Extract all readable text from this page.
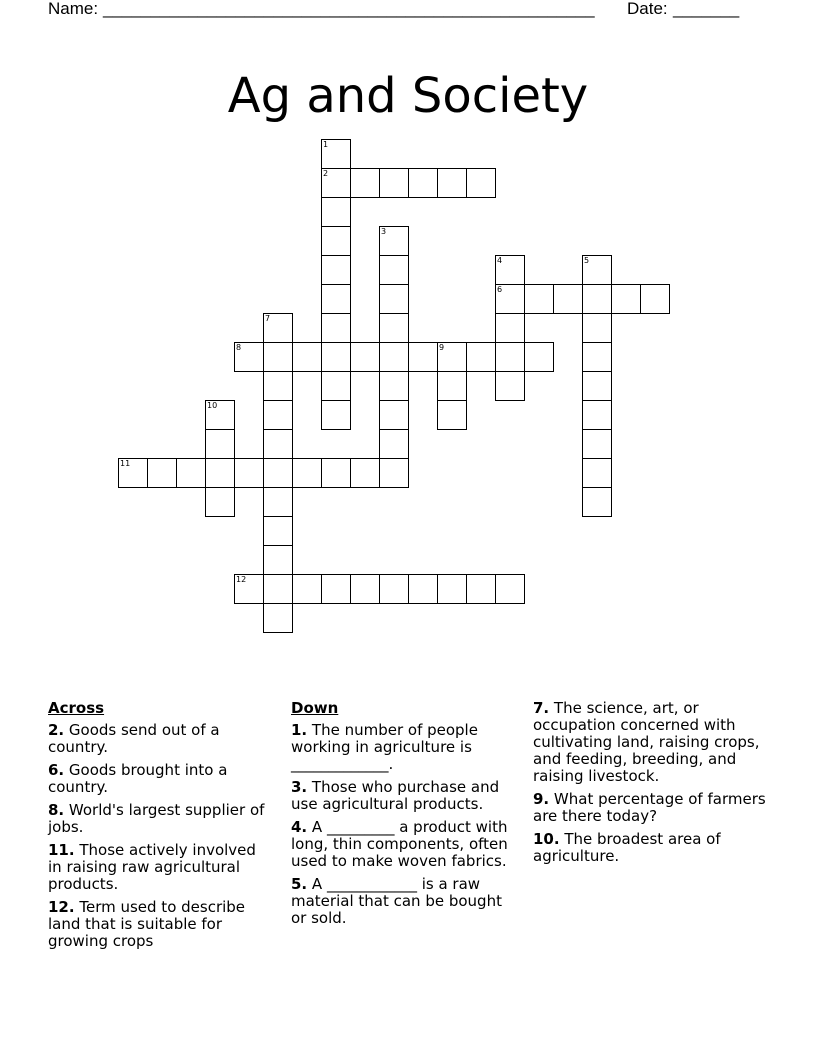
Name: ____________________________________________________ Date: _______
Ag and Society
1
2
3
4	5
6
7
8	9
10
11
12
Across
2. Goods send out of a country.
6. Goods brought into a country.
8. World's largest supplier of jobs.
11. Those actively involved in raising raw agricultural products.
12. Term used to describe land that is suitable for growing crops
Down
1. The number of people working in agriculture is _____________.
3. Those who purchase and use agricultural products.
4. A _________ a product with long, thin components, often used to make woven fabrics.
5. A ____________ is a raw material that can be bought or sold.
7. The science, art, or occupation concerned with cultivating land, raising crops, and feeding, breeding, and raising livestock.
9. What percentage of farmers are there today?
10. The broadest area of agriculture.
